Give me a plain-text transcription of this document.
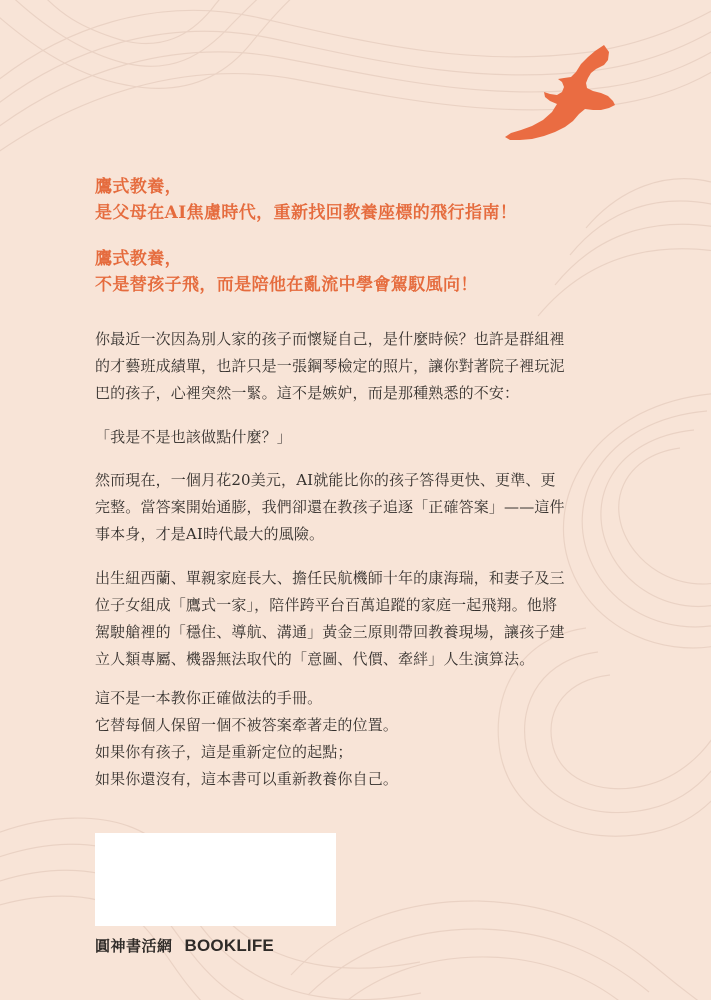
鷹式教養，
是父母在AI焦慮時代，重新找回教養座標的飛行指南！
鷹式教養，
不是替孩子飛，而是陪他在亂流中學會駕馭風向！

你最近一次因為別人家的孩子而懷疑自己，是什麼時候？也許是群組裡

的才藝班成績單，也許只是一張鋼琴檢定的照片，讓你對著院子裡玩泥

巴的孩子，心裡突然一緊。這不是嫉妒，而是那種熟悉的不安：

「我是不是也該做點什麼？」

然而現在，一個月花20美元，AI就能比你的孩子答得更快、更準、更

完整。當答案開始通膨，我們卻還在教孩子追逐「正確答案」——這件

事本身，才是AI時代最大的風險。

出生紐西蘭、單親家庭長大、擔任民航機師十年的康海瑞，和妻子及三

位子女組成「鷹式一家」，陪伴跨平台百萬追蹤的家庭一起飛翔。他將

駕駛艙裡的「穩住、導航、溝通」黃金三原則帶回教養現場，讓孩子建

立人類專屬、機器無法取代的「意圖、代價、牽絆」人生演算法。

這不是一本教你正確做法的手冊。

它替每個人保留一個不被答案牽著走的位置。

如果你有孩子，這是重新定位的起點；

如果你還沒有，這本書可以重新教養你自己。

圓神書活網 BOOKLIFE
